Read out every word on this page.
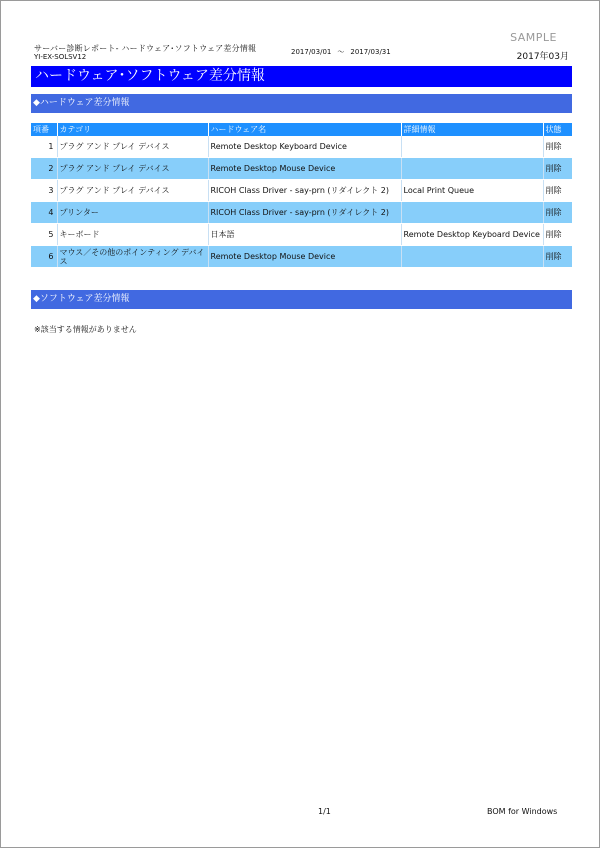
サーバー診断レポート- ハードウェア･ソフトウェア差分情報
YI-EX-SOLSV12
2017/03/01 ～ 2017/03/31
SAMPLE
2017年03月
ハードウェア･ソフトウェア差分情報
◆ハードウェア差分情報
項番	カテゴリ	ハードウェア名	詳細情報	状態
1	プラグ アンド プレイ デバイス	Remote Desktop Keyboard Device		削除
2	プラグ アンド プレイ デバイス	Remote Desktop Mouse Device		削除
3	プラグ アンド プレイ デバイス	RICOH Class Driver - say-prn (リダイレクト 2)	Local Print Queue	削除
4	プリンター	RICOH Class Driver - say-prn (リダイレクト 2)		削除
5	キーボード	日本語	Remote Desktop Keyboard Device	削除
6	マウス／その他のポインティング デバイス	Remote Desktop Mouse Device		削除
◆ソフトウェア差分情報
※該当する情報がありません
1/1	BOM for Windows
